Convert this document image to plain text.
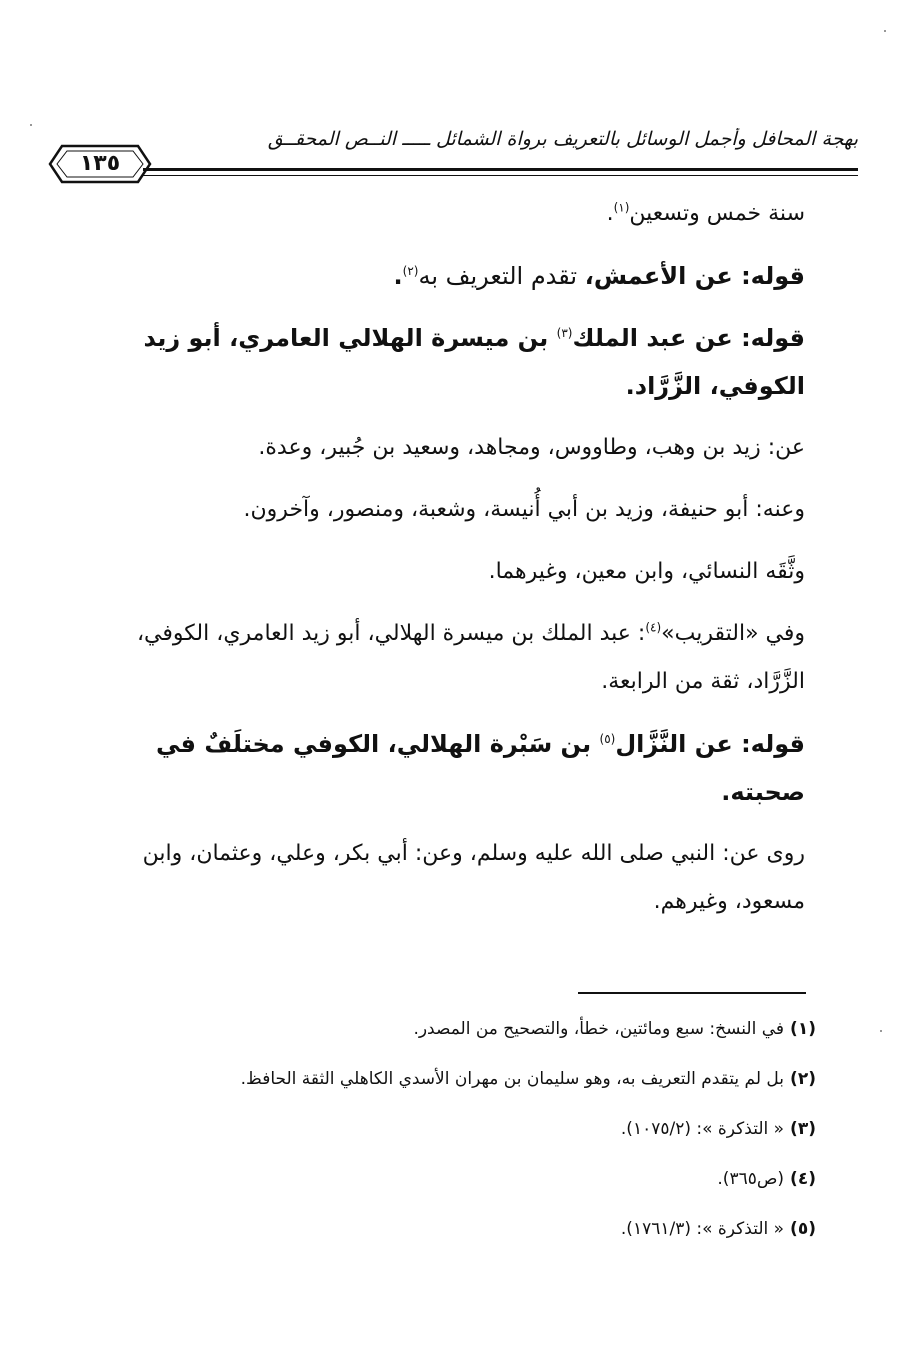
بهجة المحافل وأجمل الوسائل بالتعريف برواة الشمائل ـــــ النــص المحقــق
١٣٥

سنة خمس وتسعين$^{(١)}$.

قوله: عن الأعمش، تقدم التعريف به$^{(٢)}$.

قوله: عن عبد الملك$^{(٣)}$ بن ميسرة الهلالي العامري، أبو زيد الكوفي، الزَّرَّاد.

عن: زيد بن وهب، وطاووس، ومجاهد، وسعيد بن جُبير، وعدة.

وعنه: أبو حنيفة، وزيد بن أبي أُنيسة، وشعبة، ومنصور، وآخرون.

وثَّقَه النسائي، وابن معين، وغيرهما.

وفي «التقريب»$^{(٤)}$: عبد الملك بن ميسرة الهلالي، أبو زيد العامري، الكوفي، الزَّرَّاد، ثقة من الرابعة.

قوله: عن النَّزَّال$^{(٥)}$ بن سَبْرة الهلالي، الكوفي مختلَفٌ في صحبته.

روى عن: النبي صلى الله عليه وسلم، وعن: أبي بكر، وعلي، وعثمان، وابن مسعود، وغيرهم.

(١)في النسخ: سبع ومائتين، خطأ، والتصحيح من المصدر.

(٢)بل لم يتقدم التعريف به، وهو سليمان بن مهران الأسدي الكاهلي الثقة الحافظ.

(٣)« التذكرة »: (١٠٧٥/٢).

(٤)(ص٣٦٥).

(٥)« التذكرة »: (١٧٦١/٣).
